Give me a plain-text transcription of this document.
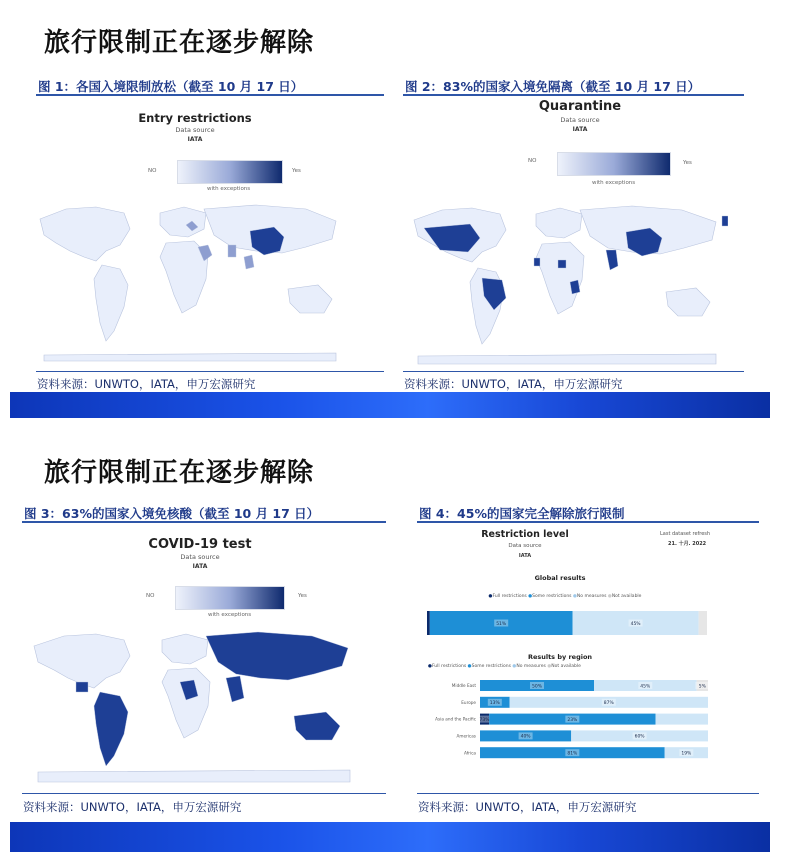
旅行限制正在逐步解除
图 1：各国入境限制放松（截至 10 月 17 日）
Entry restrictions
Data source
IATA
NO	Yes
with exceptions
资料来源：UNWTO，IATA，申万宏源研究
图 2：83%的国家入境免隔离（截至 10 月 17 日）
Quarantine
Data source
IATA
NO	Yes
with exceptions
资料来源：UNWTO，IATA，申万宏源研究
旅行限制正在逐步解除
图 3：63%的国家入境免核酸（截至 10 月 17 日）
COVID-19 test
Data source
IATA
NO	Yes
with exceptions
资料来源：UNWTO，IATA，申万宏源研究
图 4：45%的国家完全解除旅行限制
Restriction level
Data source
IATA
Last dataset refresh
21. 十月. 2022
Global results
●Full restrictions ●Some restrictions ●No measures ●Not available
51%	45%
Results by region
●Full restrictions ●Some restrictions ●No measures ●Not available
Middle East	50%	45%	5%
Europe	13%	87%
Asia and the Pacific 73%	23%
Americas	40%	60%
Africa	81%	19%
资料来源：UNWTO，IATA，申万宏源研究
